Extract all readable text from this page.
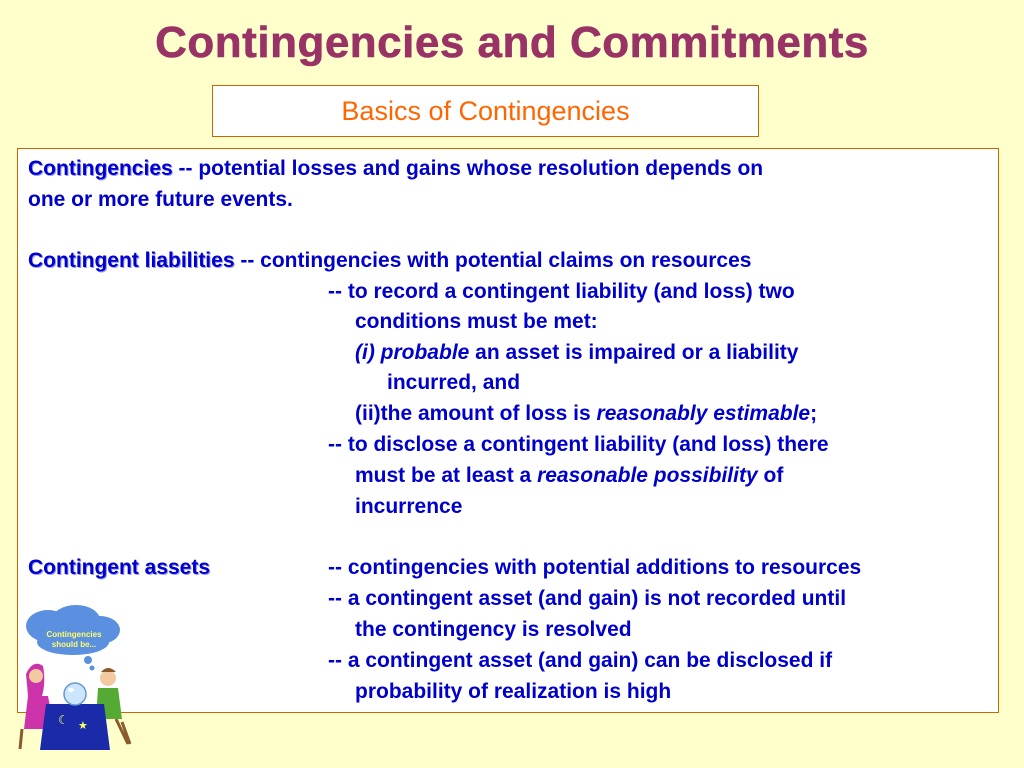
Contingencies and Commitments
Basics of Contingencies
Contingencies -- potential losses and gains whose resolution depends on
one or more future events.
Contingent liabilities -- contingencies with potential claims on resources
-- to record a contingent liability (and loss) two
conditions must be met:
(i) probable an asset is impaired or a liability
incurred, and
(ii)the amount of loss is reasonably estimable;
-- to disclose a contingent liability (and loss) there
must be at least a reasonable possibility of
incurrence
Contingent assets	-- contingencies with potential additions to resources
-- a contingent asset (and gain) is not recorded until
the contingency is resolved
-- a contingent asset (and gain) can be disclosed if
probability of realization is high
Contingencies
should be...
☾ ★
